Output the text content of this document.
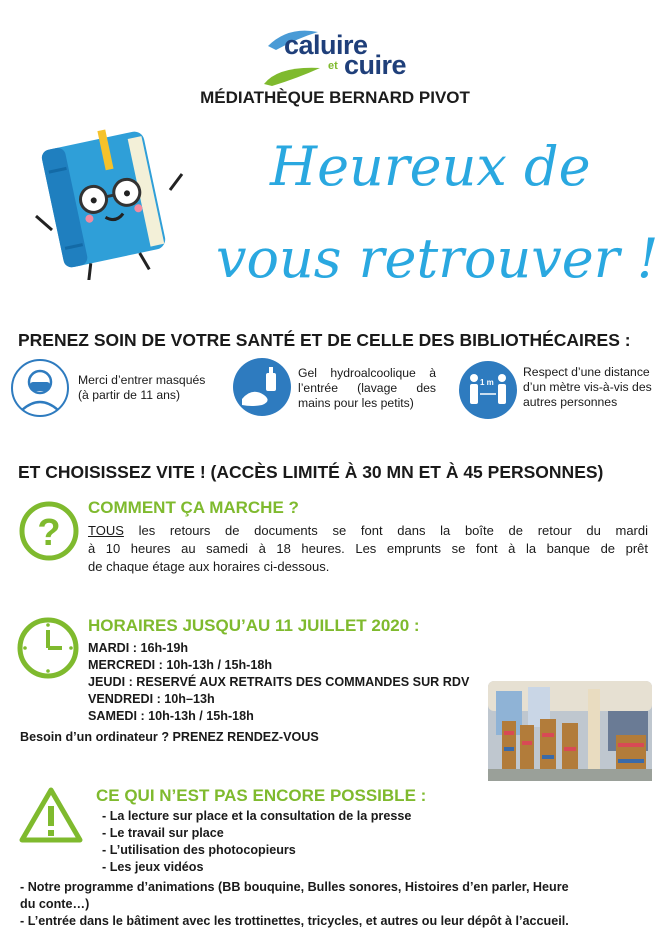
caluire
et cuire
MÉDIATHÈQUE BERNARD PIVOT
Heureux de
vous retrouver !
PRENEZ SOIN DE VOTRE SANTÉ ET DE CELLE DES BIBLIOTHÉCAIRES :
Merci d’entrer masqués (à partir de 11 ans)
Gel hydroalcoolique à l’entrée (lavage des mains pour les petits)
1 m
Respect d’une distance d’un mètre vis-à-vis des autres personnes
ET CHOISISSEZ VITE ! (ACCÈS LIMITÉ À 30 MN ET À 45 PERSONNES)
?
COMMENT ÇA MARCHE ?
TOUS les retours de documents se font dans la boîte de retour du mardi
à 10 heures au samedi à 18 heures. Les emprunts se font à la banque de prêt
de chaque étage aux horaires ci-dessous.
HORAIRES JUSQU’AU 11 JUILLET 2020 :
MARDI : 16h-19h
MERCREDI : 10h-13h / 15h-18h
JEUDI : RESERVÉ AUX RETRAITS DES COMMANDES SUR RDV
VENDREDI : 10h–13h
SAMEDI : 10h-13h / 15h-18h
Besoin d’un ordinateur ? PRENEZ RENDEZ-VOUS
CE QUI N’EST PAS ENCORE POSSIBLE :
- La lecture sur place et la consultation de la presse
- Le travail sur place
- L’utilisation des photocopieurs
- Les jeux vidéos
- Notre programme d’animations (BB bouquine, Bulles sonores, Histoires d’en parler, Heure
du conte…)
- L’entrée dans le bâtiment avec les trottinettes, tricycles, et autres ou leur dépôt à l’accueil.
